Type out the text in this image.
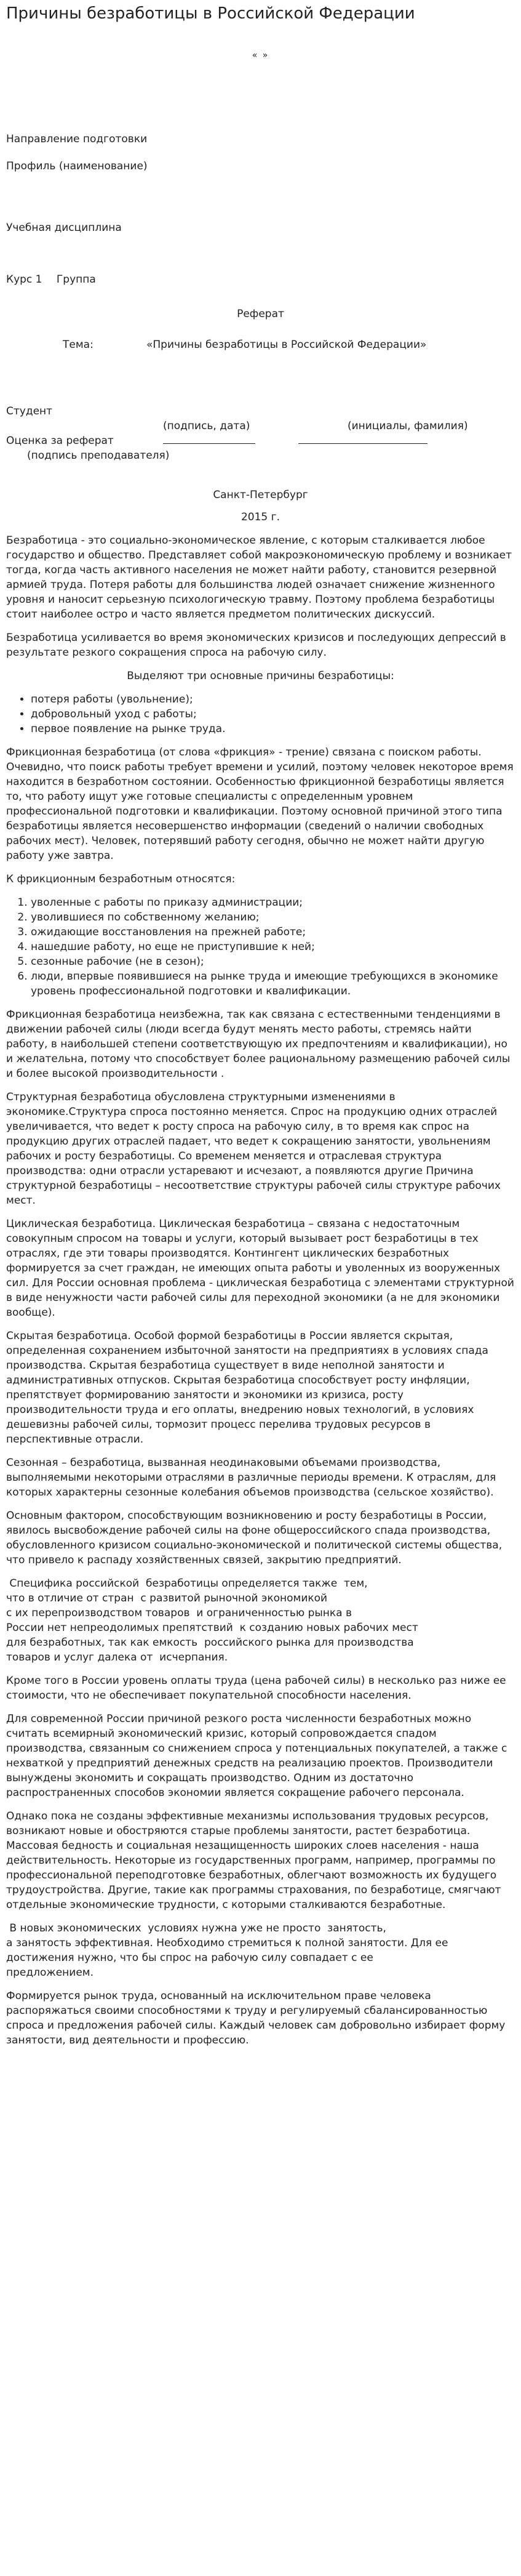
Причины безработицы в Российской Федерации
« »
Направление подготовки
Профиль (наименование)
Учебная дисциплина
Курс 1 Группа
Реферат
Тема:	«Причины безработицы в Российской Федерации»
Студент
(подпись, дата)	(инициалы, фамилия)
Оценка за реферат
(подпись преподавателя)
Санкт-Петербург
2015 г.

Безработица - это социально-экономическое явление, с которым сталкивается любое государство и общество. Представляет собой макроэкономическую проблему и возникает тогда, когда часть активного населения не может найти работу, становится резервной армией труда. Потеря работы для большинства людей означает снижение жизненного уровня и наносит серьезную психологическую травму. Поэтому проблема безработицы стоит наиболее остро и часто является предметом политических дискуссий.

Безработица усиливается во время экономических кризисов и последующих депрессий в результате резкого сокращения спроса на рабочую силу.

Выделяют три основные причины безработицы:

• потеря работы (увольнение);
• добровольный уход с работы;
• первое появление на рынке труда.

Фрикционная безработица (от слова «фрикция» - трение) связана с поиском работы. Очевидно, что поиск работы требует времени и усилий, поэтому человек некоторое время находится в безработном состоянии. Особенностью фрикционной безработицы является то, что работу ищут уже готовые специалисты с определенным уровнем профессиональной подготовки и квалификации. Поэтому основной причиной этого типа безработицы является несовершенство информации (сведений о наличии свободных рабочих мест). Человек, потерявший работу сегодня, обычно не может найти другую работу уже завтра.

К фрикционным безработным относятся:

1. уволенные с работы по приказу администрации;
2. уволившиеся по собственному желанию;
3. ожидающие восстановления на прежней работе;
4. нашедшие работу, но еще не приступившие к ней;
5. сезонные рабочие (не в сезон);
6. люди, впервые появившиеся на рынке труда и имеющие требующихся в экономике уровень профессиональной подготовки и квалификации.

Фрикционная безработица неизбежна, так как связана с естественными тенденциями в движении рабочей силы (люди всегда будут менять место работы, стремясь найти работу, в наибольшей степени соответствующую их предпочтениям и квалификации), но и желательна, потому что способствует более рациональному размещению рабочей силы и более высокой производительности .

Структурная безработица обусловлена структурными изменениями в экономике.Структура спроса постоянно меняется. Спрос на продукцию одних отраслей увеличивается, что ведет к росту спроса на рабочую силу, в то время как спрос на продукцию других отраслей падает, что ведет к сокращению занятости, увольнениям рабочих и росту безработицы. Со временем меняется и отраслевая структура производства: одни отрасли устаревают и исчезают, а появляются другие Причина структурной безработицы – несоответствие структуры рабочей силы структуре рабочих мест.

Циклическая безработица. Циклическая безработица – связана с недостаточным совокупным спросом на товары и услуги, который вызывает рост безработицы в тех отраслях, где эти товары производятся. Контингент циклических безработных формируется за счет граждан, не имеющих опыта работы и уволенных из вооруженных сил. Для России основная проблема - циклическая безработица с элементами структурной в виде ненужности части рабочей силы для переходной экономики (а не для экономики вообще).

Скрытая безработица. Особой формой безработицы в России является скрытая, определенная сохранением избыточной занятости на предприятиях в условиях спада производства. Скрытая безработица существует в виде неполной занятости и административных отпусков. Скрытая безработица способствует росту инфляции, препятствует формированию занятости и экономики из кризиса, росту производительности труда и его оплаты, внедрению новых технологий, в условиях дешевизны рабочей силы, тормозит процесс перелива трудовых ресурсов в перспективные отрасли.

Сезонная – безработица, вызванная неодинаковыми объемами производства, выполняемыми некоторыми отраслями в различные периоды времени. К отраслям, для которых характерны сезонные колебания объемов производства (сельское хозяйство).

Основным фактором, способствующим возникновению и росту безработицы в России, явилось высвобождение рабочей силы на фоне общероссийского спада производства, обусловленного кризисом социально-экономической и политической системы общества, что привело к распаду хозяйственных связей, закрытию предприятий.

Специфика российской  безработицы определяется также  тем,
что в отличие от стран  с развитой рыночной экономикой
с их перепроизводством товаров  и ограниченностью рынка в
России нет непреодолимых препятствий  к созданию новых рабочих мест
для безработных, так как емкость  российского рынка для производства
товаров и услуг далека от  исчерпания.

Кроме того в России уровень оплаты труда (цена рабочей силы) в несколько раз ниже ее стоимости, что не обеспечивает покупательной способности населения.

Для современной России причиной резкого роста численности безработных можно считать всемирный экономический кризис, который сопровождается спадом производства, связанным со снижением спроса у потенциальных покупателей, а также с нехваткой у предприятий денежных средств на реализацию проектов. Производители вынуждены экономить и сокращать производство. Одним из достаточно распространенных способов экономии является сокращение рабочего персонала.

Однако пока не созданы эффективные механизмы использования трудовых ресурсов, возникают новые и обостряются старые проблемы занятости, растет безработица. Массовая бедность и социальная незащищенность широких слоев населения - наша действительность. Некоторые из государственных программ, например, программы по профессиональной переподготовке безработных, облегчают возможность их будущего трудоустройства. Другие, такие как программы страхования, по безработице, смягчают отдельные экономические трудности, с которыми сталкиваются безработные.

В новых экономических  условиях нужна уже не просто  занятость,
а занятость эффективная. Необходимо стремиться к полной занятости. Для ее
достижения нужно, что бы спрос на рабочую силу совпадает с ее
предложением.

Формируется рынок труда, основанный на исключительном праве человека распоряжаться своими способностями к труду и регулируемый сбалансированностью спроса и предложения рабочей силы. Каждый человек сам добровольно избирает форму занятости, вид деятельности и профессию.
